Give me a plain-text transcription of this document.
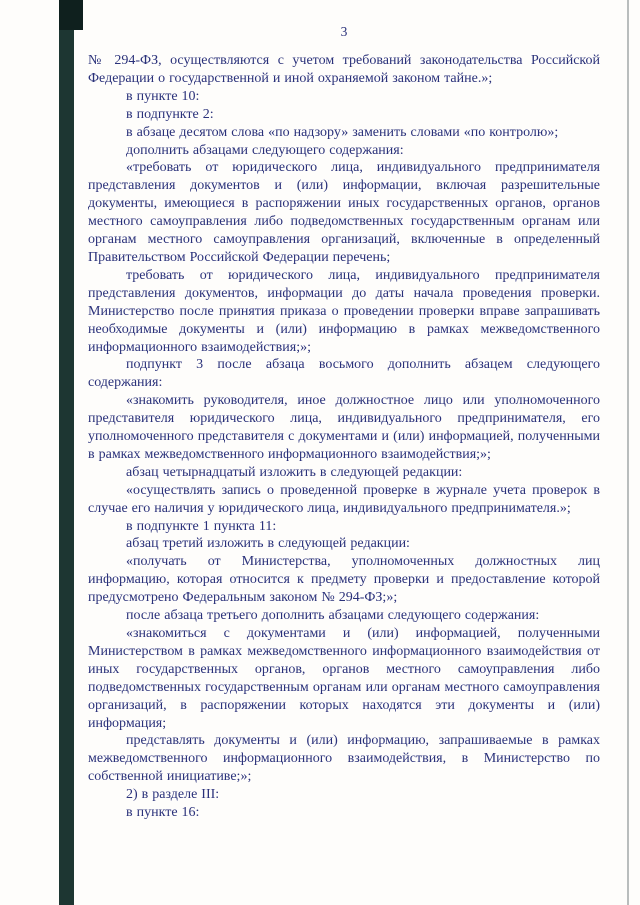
3

№ 294-ФЗ, осуществляются с учетом требований законодательства Российской Федерации о государственной и иной охраняемой законом тайне.»;

в пункте 10:

в подпункте 2:

в абзаце десятом слова «по надзору» заменить словами «по контролю»;

дополнить абзацами следующего содержания:

«требовать от юридического лица, индивидуального предпринимателя представления документов и (или) информации, включая разрешительные документы, имеющиеся в распоряжении иных государственных органов, органов местного самоуправления либо подведомственных государственным органам или органам местного самоуправления организаций, включенные в определенный Правительством Российской Федерации перечень;

требовать от юридического лица, индивидуального предпринимателя представления документов, информации до даты начала проведения проверки. Министерство после принятия приказа о проведении проверки вправе запрашивать необходимые документы и (или) информацию в рамках межведомственного информационного взаимодействия;»;

подпункт 3 после абзаца восьмого дополнить абзацем следующего содержания:

«знакомить руководителя, иное должностное лицо или уполномоченного представителя юридического лица, индивидуального предпринимателя, его уполномоченного представителя с документами и (или) информацией, полученными в рамках межведомственного информационного взаимодействия;»;

абзац четырнадцатый изложить в следующей редакции:

«осуществлять запись о проведенной проверке в журнале учета проверок в случае его наличия у юридического лица, индивидуального предпринимателя.»;

в подпункте 1 пункта 11:

абзац третий изложить в следующей редакции:

«получать от Министерства, уполномоченных должностных лиц информацию, которая относится к предмету проверки и предоставление которой предусмотрено Федеральным законом № 294-ФЗ;»;

после абзаца третьего дополнить абзацами следующего содержания:

«знакомиться с документами и (или) информацией, полученными Министерством в рамках межведомственного информационного взаимодействия от иных государственных органов, органов местного самоуправления либо подведомственных государственным органам или органам местного самоуправления организаций, в распоряжении которых находятся эти документы и (или) информация;

представлять документы и (или) информацию, запрашиваемые в рамках межведомственного информационного взаимодействия, в Министерство по собственной инициативе;»;

2) в разделе III:

в пункте 16:
